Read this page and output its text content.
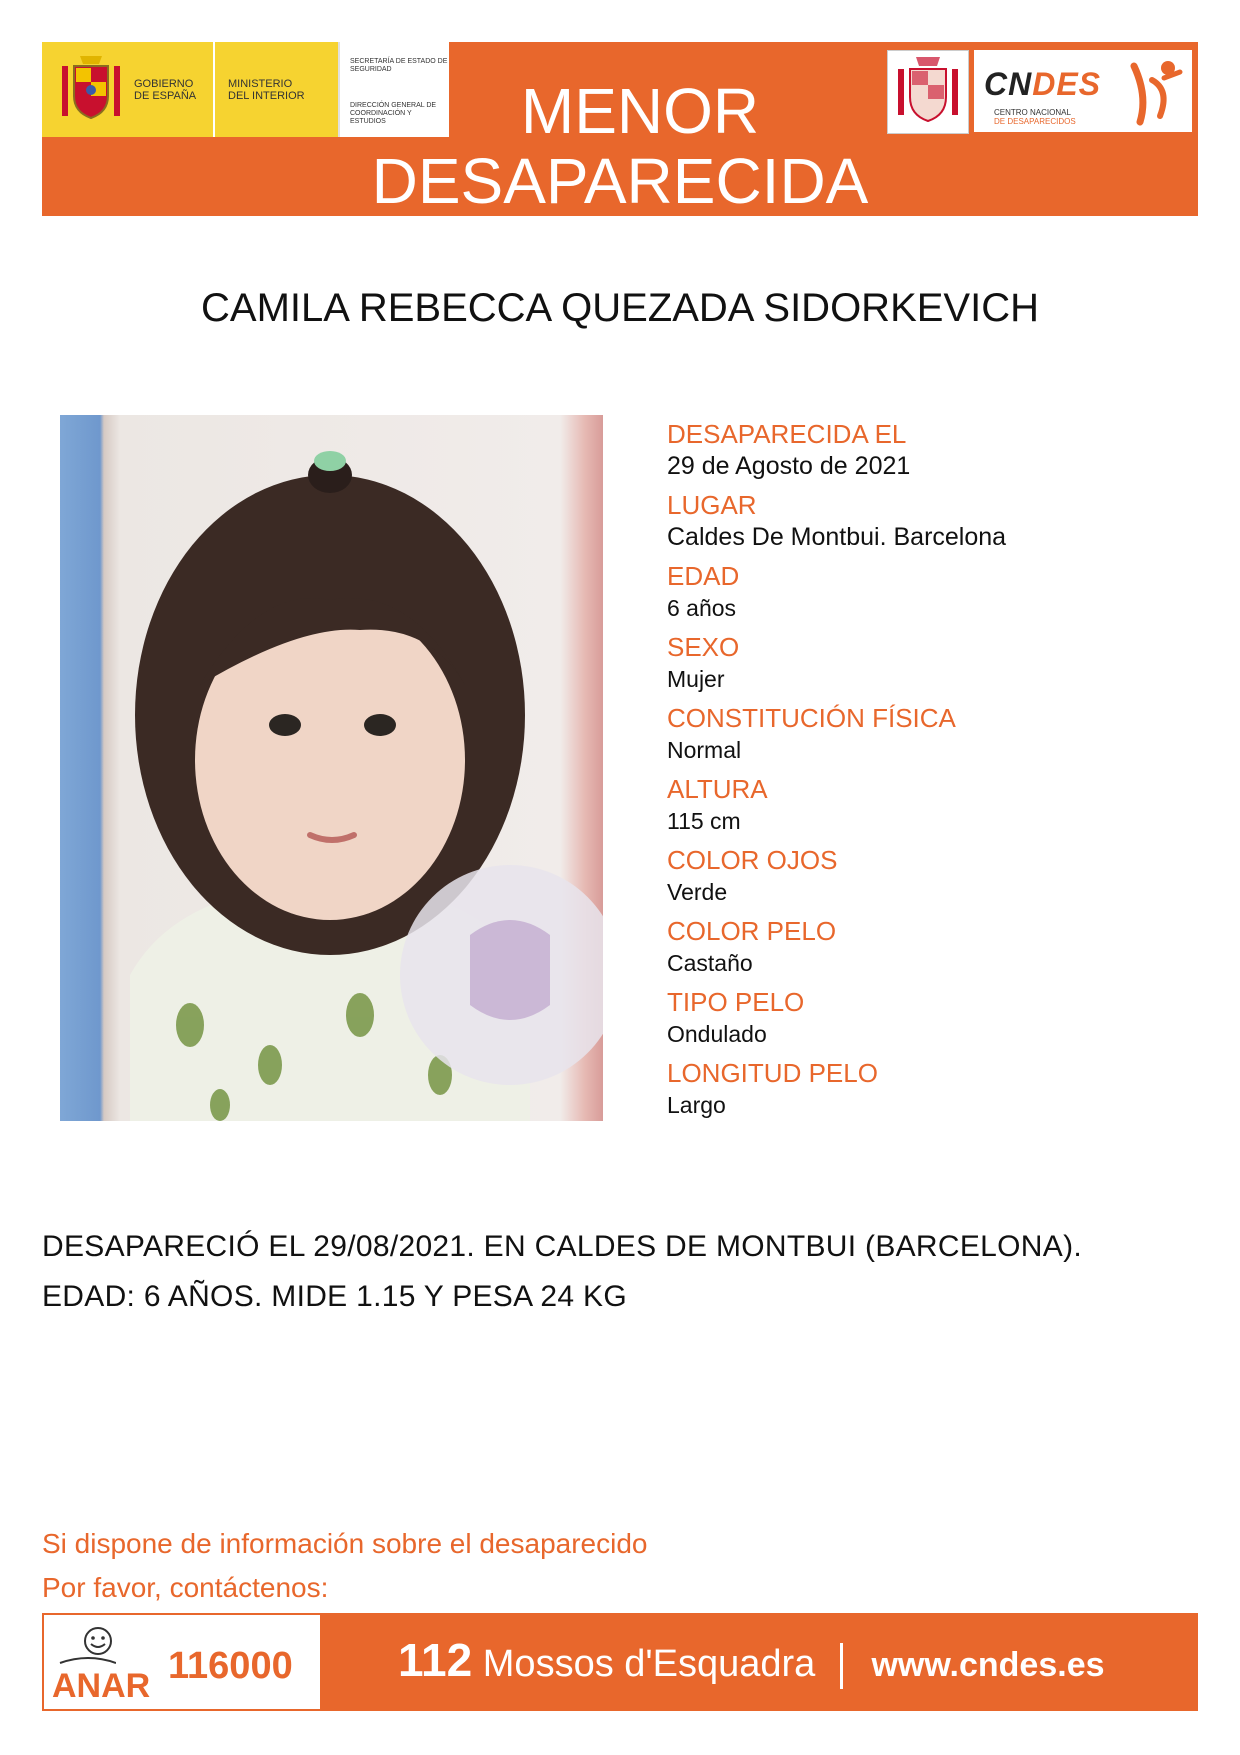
GOBIERNO
DE ESPAÑA
MINISTERIO
DEL INTERIOR
SECRETARÍA DE ESTADO DE SEGURIDAD
DIRECCIÓN GENERAL DE COORDINACIÓN Y ESTUDIOS	MENOR
DESAPARECIDA
CNDES
CENTRO NACIONAL
DE DESAPARECIDOS
CAMILA REBECCA QUEZADA SIDORKEVICH
DESAPARECIDA EL
29 de Agosto de 2021
LUGAR
Caldes De Montbui. Barcelona
EDAD
6 años
SEXO
Mujer
CONSTITUCIÓN FÍSICA
Normal
ALTURA
115 cm
COLOR OJOS
Verde
COLOR PELO
Castaño
TIPO PELO
Ondulado
LONGITUD PELO
Largo
DESAPARECIÓ EL 29/08/2021. EN CALDES DE MONTBUI (BARCELONA).
EDAD: 6 AÑOS. MIDE 1.15 Y PESA 24 KG
Si dispone de información sobre el desaparecido
Por favor, contáctenos:
ANAR 116000 112 Mossos d'Esquadra www.cndes.es
